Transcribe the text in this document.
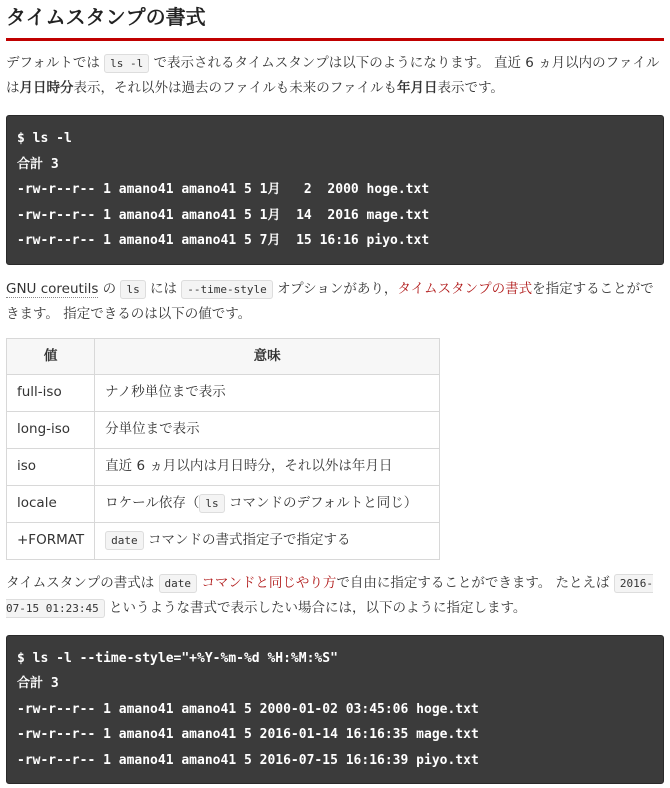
タイムスタンプの書式

デフォルトでは ls -l で表示されるタイムスタンプは以下のようになります。 直近 6 ヵ月以内のファイルは月日時分表示，それ以外は過去のファイルも未来のファイルも年月日表示です。

$ ls -l
合計 3
-rw-r--r-- 1 amano41 amano41 5 1月   2  2000 hoge.txt
-rw-r--r-- 1 amano41 amano41 5 1月  14  2016 mage.txt
-rw-r--r-- 1 amano41 amano41 5 7月  15 16:16 piyo.txt

GNU coreutils の ls には --time-style オプションがあり，タイムスタンプの書式を指定することができます。 指定できるのは以下の値です。

値	意味
full-iso	ナノ秒単位まで表示
long-iso	分単位まで表示
iso	直近 6 ヵ月以内は月日時分，それ以外は年月日
locale	ロケール依存（ ls コマンドのデフォルトと同じ）
+FORMAT	date コマンドの書式指定子で指定する

タイムスタンプの書式は date コマンドと同じやり方で自由に指定することができます。 たとえば 2016-07-15 01:23:45 というような書式で表示したい場合には，以下のように指定します。

$ ls -l --time-style="+%Y-%m-%d %H:%M:%S"
合計 3
-rw-r--r-- 1 amano41 amano41 5 2000-01-02 03:45:06 hoge.txt
-rw-r--r-- 1 amano41 amano41 5 2016-01-14 16:16:35 mage.txt
-rw-r--r-- 1 amano41 amano41 5 2016-07-15 16:16:39 piyo.txt
